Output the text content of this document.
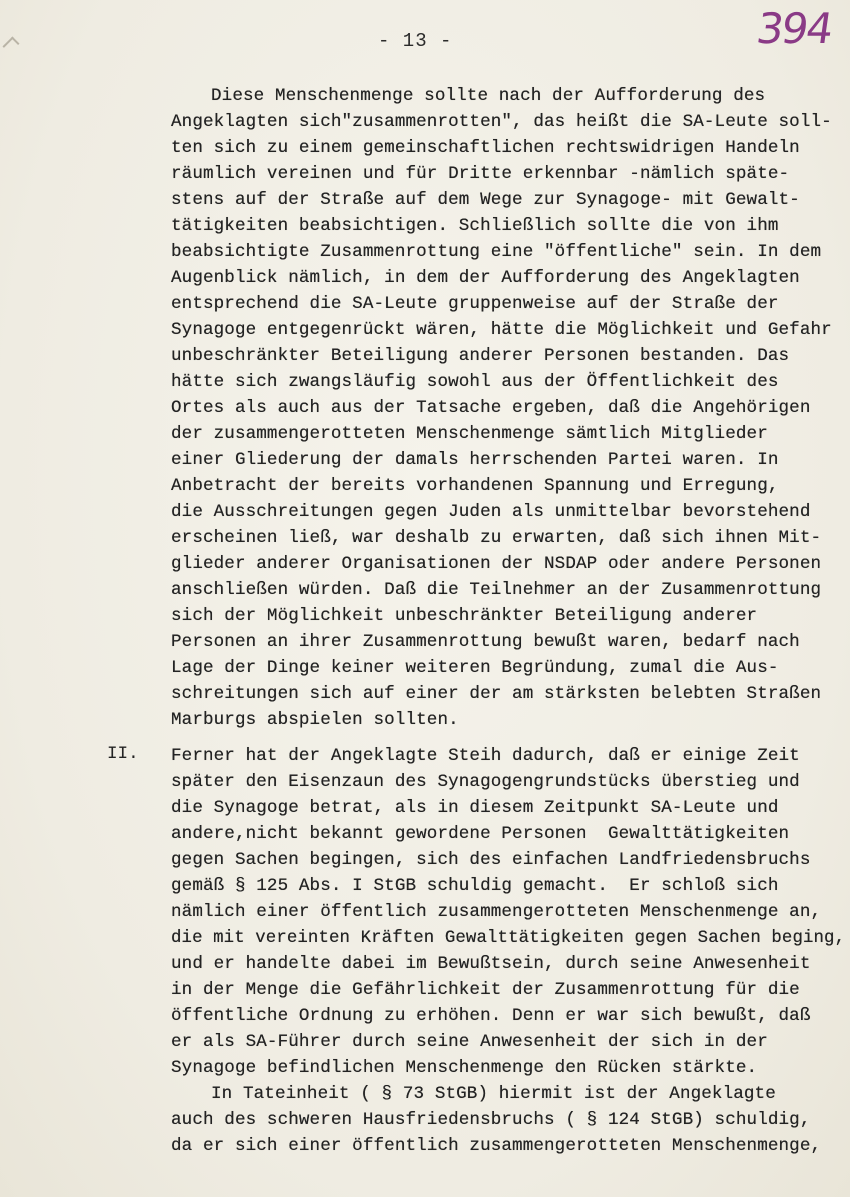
- 13 -	394
II.
Diese Menschenmenge sollte nach der Aufforderung des
Angeklagten sich"zusammenrotten", das heißt die SA-Leute soll-
ten sich zu einem gemeinschaftlichen rechtswidrigen Handeln
räumlich vereinen und für Dritte erkennbar -nämlich späte-
stens auf der Straße auf dem Wege zur Synagoge- mit Gewalt-
tätigkeiten beabsichtigen. Schließlich sollte die von ihm
beabsichtigte Zusammenrottung eine "öffentliche" sein. In dem
Augenblick nämlich, in dem der Aufforderung des Angeklagten
entsprechend die SA-Leute gruppenweise auf der Straße der
Synagoge entgegenrückt wären, hätte die Möglichkeit und Gefahr
unbeschränkter Beteiligung anderer Personen bestanden. Das
hätte sich zwangsläufig sowohl aus der Öffentlichkeit des
Ortes als auch aus der Tatsache ergeben, daß die Angehörigen
der zusammengerotteten Menschenmenge sämtlich Mitglieder
einer Gliederung der damals herrschenden Partei waren. In
Anbetracht der bereits vorhandenen Spannung und Erregung,
die Ausschreitungen gegen Juden als unmittelbar bevorstehend
erscheinen ließ, war deshalb zu erwarten, daß sich ihnen Mit-
glieder anderer Organisationen der NSDAP oder andere Personen
anschließen würden. Daß die Teilnehmer an der Zusammenrottung
sich der Möglichkeit unbeschränkter Beteiligung anderer
Personen an ihrer Zusammenrottung bewußt waren, bedarf nach
Lage der Dinge keiner weiteren Begründung, zumal die Aus-
schreitungen sich auf einer der am stärksten belebten Straßen
Marburgs abspielen sollten.
Ferner hat der Angeklagte Steih dadurch, daß er einige Zeit
später den Eisenzaun des Synagogengrundstücks überstieg und
die Synagoge betrat, als in diesem Zeitpunkt SA-Leute und
andere,nicht bekannt gewordene Personen  Gewalttätigkeiten
gegen Sachen begingen, sich des einfachen Landfriedensbruchs
gemäß § 125 Abs. I StGB schuldig gemacht.  Er schloß sich
nämlich einer öffentlich zusammengerotteten Menschenmenge an,
die mit vereinten Kräften Gewalttätigkeiten gegen Sachen beging,
und er handelte dabei im Bewußtsein, durch seine Anwesenheit
in der Menge die Gefährlichkeit der Zusammenrottung für die
öffentliche Ordnung zu erhöhen. Denn er war sich bewußt, daß
er als SA-Führer durch seine Anwesenheit der sich in der
Synagoge befindlichen Menschenmenge den Rücken stärkte.
In Tateinheit ( § 73 StGB) hiermit ist der Angeklagte
auch des schweren Hausfriedensbruchs ( § 124 StGB) schuldig,
da er sich einer öffentlich zusammengerotteten Menschenmenge,
